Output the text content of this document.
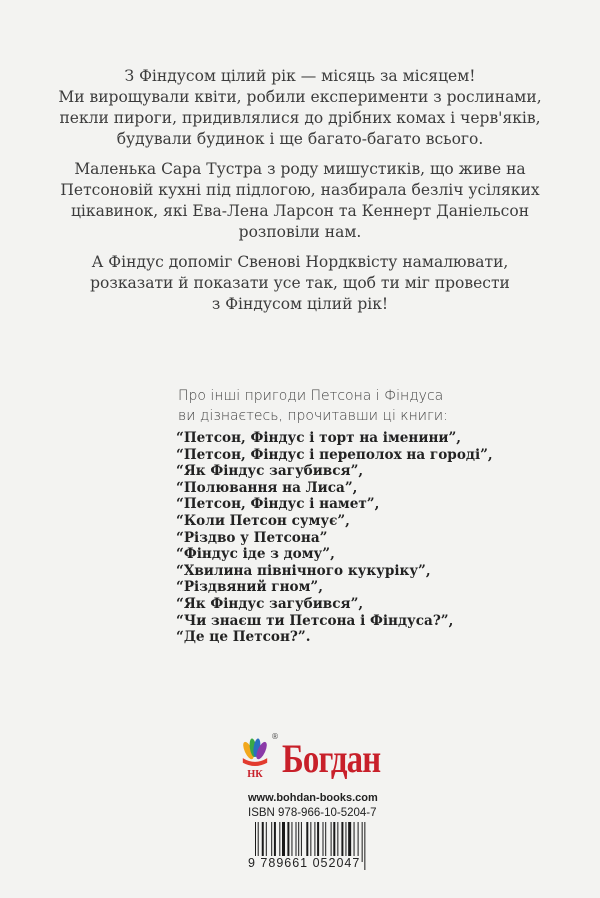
З Фіндусом цілий рік — місяць за місяцем!
Ми вирощували квіти, робили експерименти з рослинами,
пекли пироги, придивлялися до дрібних комах і черв'яків,
будували будинок і ще багато-багато всього.

Маленька Сара Тустра з роду мишустиків, що живе на
Петсоновій кухні під підлогою, назбирала безліч усіляких
цікавинок, які Ева-Лена Ларсон та Кеннерт Даніельсон
розповіли нам.

А Фіндус допоміг Свенові Нордквісту намалювати,
розказати й показати усе так, щоб ти міг провести
з Фіндусом цілий рік!

Про інші пригоди Петсона і Фіндуса
ви дізнаєтесь, прочитавши ці книги:
“Петсон, Фіндус і торт на іменини”,
“Петсон, Фіндус і переполох на городі”,
“Як Фіндус загубився”,
“Полювання на Лиса”,
“Петсон, Фіндус і намет”,
“Коли Петсон сумує”,
“Різдво у Петсона”
“Фіндус іде з дому”,
“Хвилина північного кукуріку”,
“Різдвяний гном”,
“Як Фіндус загубився”,
“Чи знаєш ти Петсона і Фіндуса?”,
“Де це Петсон?”.
НК
® Богдан
www.bohdan-books.com
ISBN 978-966-10-5204-7
9 789661 052047
